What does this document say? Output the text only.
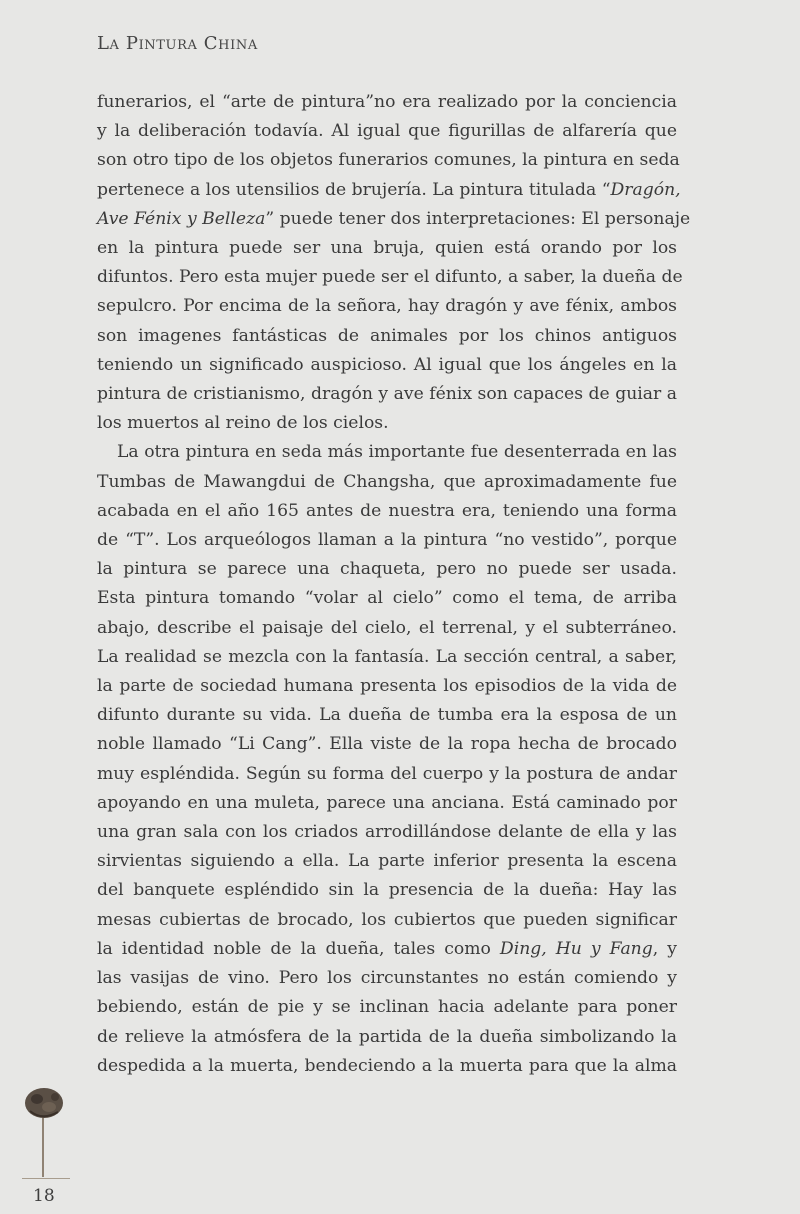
La Pintura China
funerarios, el “arte de pintura”no era realizado por la conciencia
y la deliberación todavía. Al igual que figurillas de alfarería que
son otro tipo de los objetos funerarios comunes, la pintura en seda
pertenece a los utensilios de brujería. La pintura titulada “Dragón,
Ave Fénix y Belleza” puede tener dos interpretaciones: El personaje
en la pintura puede ser una bruja, quien está orando por los
difuntos. Pero esta mujer puede ser el difunto, a saber, la dueña de
sepulcro. Por encima de la señora, hay dragón y ave fénix, ambos
son imagenes fantásticas de animales por los chinos antiguos
teniendo un significado auspicioso. Al igual que los ángeles en la
pintura de cristianismo, dragón y ave fénix son capaces de guiar a
los muertos al reino de los cielos.
La otra pintura en seda más importante fue desenterrada en las
Tumbas de Mawangdui de Changsha, que aproximadamente fue
acabada en el año 165 antes de nuestra era, teniendo una forma
de “T”. Los arqueólogos llaman a la pintura “no vestido”, porque
la pintura se parece una chaqueta, pero no puede ser usada.
Esta pintura tomando “volar al cielo” como el tema, de arriba
abajo, describe el paisaje del cielo, el terrenal, y el subterráneo.
La realidad se mezcla con la fantasía. La sección central, a saber,
la parte de sociedad humana presenta los episodios de la vida de
difunto durante su vida. La dueña de tumba era la esposa de un
noble llamado “Li Cang”. Ella viste de la ropa hecha de brocado
muy espléndida. Según su forma del cuerpo y la postura de andar
apoyando en una muleta, parece una anciana. Está caminado por
una gran sala con los criados arrodillándose delante de ella y las
sirvientas siguiendo a ella. La parte inferior presenta la escena
del banquete espléndido sin la presencia de la dueña: Hay las
mesas cubiertas de brocado, los cubiertos que pueden significar
la identidad noble de la dueña, tales como Ding, Hu y Fang, y
las vasijas de vino. Pero los circunstantes no están comiendo y
bebiendo, están de pie y se inclinan hacia adelante para poner
de relieve la atmósfera de la partida de la dueña simbolizando la
despedida a la muerta, bendeciendo a la muerta para que la alma
18
